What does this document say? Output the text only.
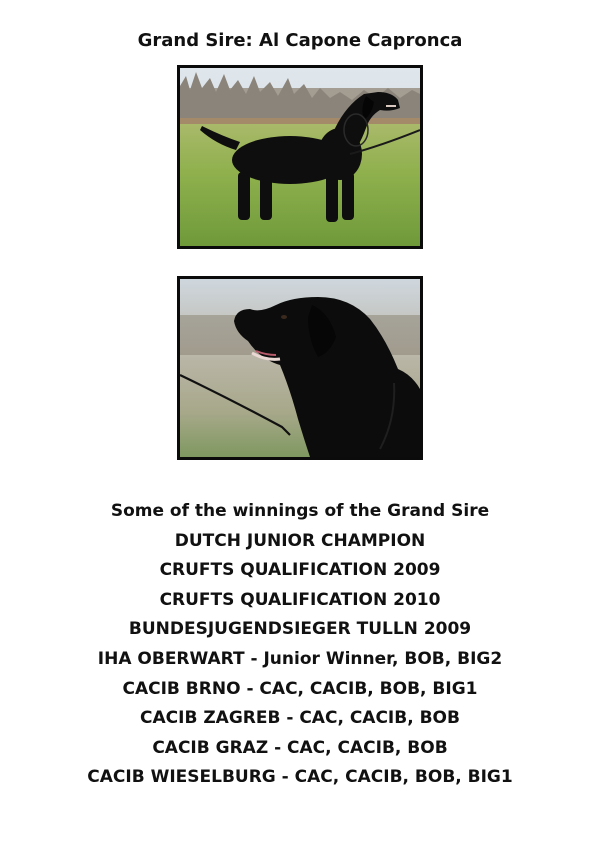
Grand Sire: Al Capone Capronca
Some of the winnings of the Grand Sire
DUTCH JUNIOR CHAMPION
CRUFTS QUALIFICATION 2009
CRUFTS QUALIFICATION 2010
BUNDESJUGENDSIEGER TULLN 2009
IHA OBERWART - Junior Winner, BOB, BIG2
CACIB BRNO - CAC, CACIB, BOB, BIG1
CACIB ZAGREB - CAC, CACIB, BOB
CACIB GRAZ - CAC, CACIB, BOB
CACIB WIESELBURG - CAC, CACIB, BOB, BIG1
